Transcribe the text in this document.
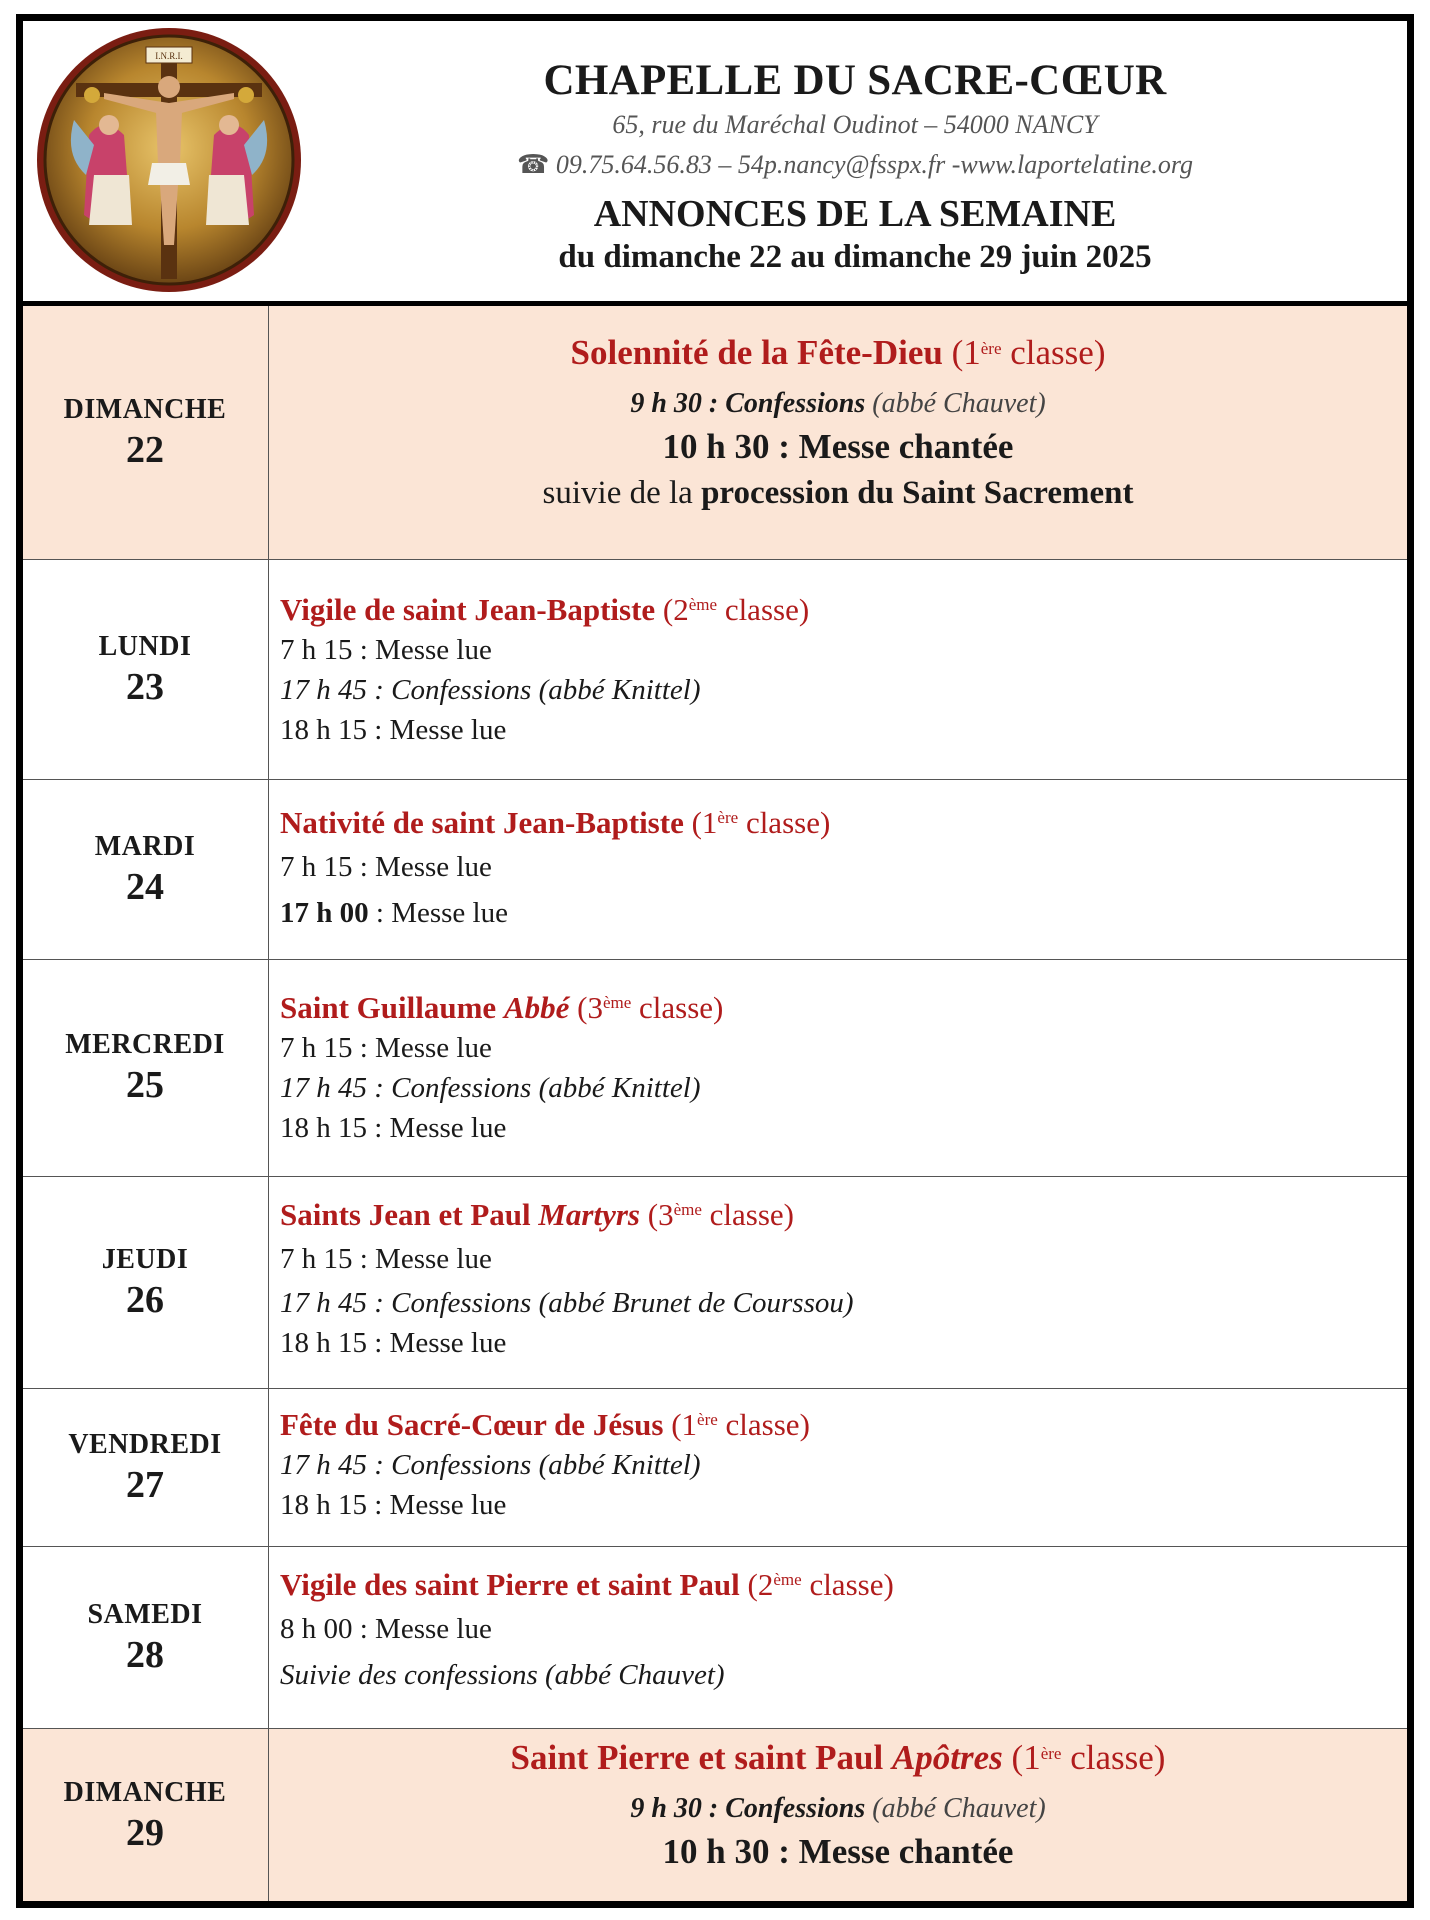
I.N.R.I.
CHAPELLE DU SACRE-CŒUR
65, rue du Maréchal Oudinot – 54000 NANCY
☎ 09.75.64.56.83 – 54p.nancy@fsspx.fr -www.laportelatine.org
ANNONCES DE LA SEMAINE
du dimanche 22 au dimanche 29 juin 2025
DIMANCHE
22
Solennité de la Fête-Dieu (1ère classe)
9 h 30 : Confessions (abbé Chauvet)
10 h 30 : Messe chantée
suivie de la procession du Saint Sacrement
LUNDI
23
Vigile de saint Jean-Baptiste (2ème classe)
7 h 15 : Messe lue
17 h 45 : Confessions (abbé Knittel)
18 h 15 : Messe lue
MARDI
24
Nativité de saint Jean-Baptiste (1ère classe)
7 h 15 : Messe lue
17 h 00 : Messe lue
MERCREDI
25
Saint Guillaume Abbé (3ème classe)
7 h 15 : Messe lue
17 h 45 : Confessions (abbé Knittel)
18 h 15 : Messe lue
JEUDI
26
Saints Jean et Paul Martyrs (3ème classe)
7 h 15 : Messe lue
17 h 45 : Confessions (abbé Brunet de Courssou)
18 h 15 : Messe lue
VENDREDI
27
Fête du Sacré-Cœur de Jésus (1ère classe)
17 h 45 : Confessions (abbé Knittel)
18 h 15 : Messe lue
SAMEDI
28
Vigile des saint Pierre et saint Paul (2ème classe)
8 h 00 : Messe lue
Suivie des confessions (abbé Chauvet)
DIMANCHE
29
Saint Pierre et saint Paul Apôtres (1ère classe)
9 h 30 : Confessions (abbé Chauvet)
10 h 30 : Messe chantée
